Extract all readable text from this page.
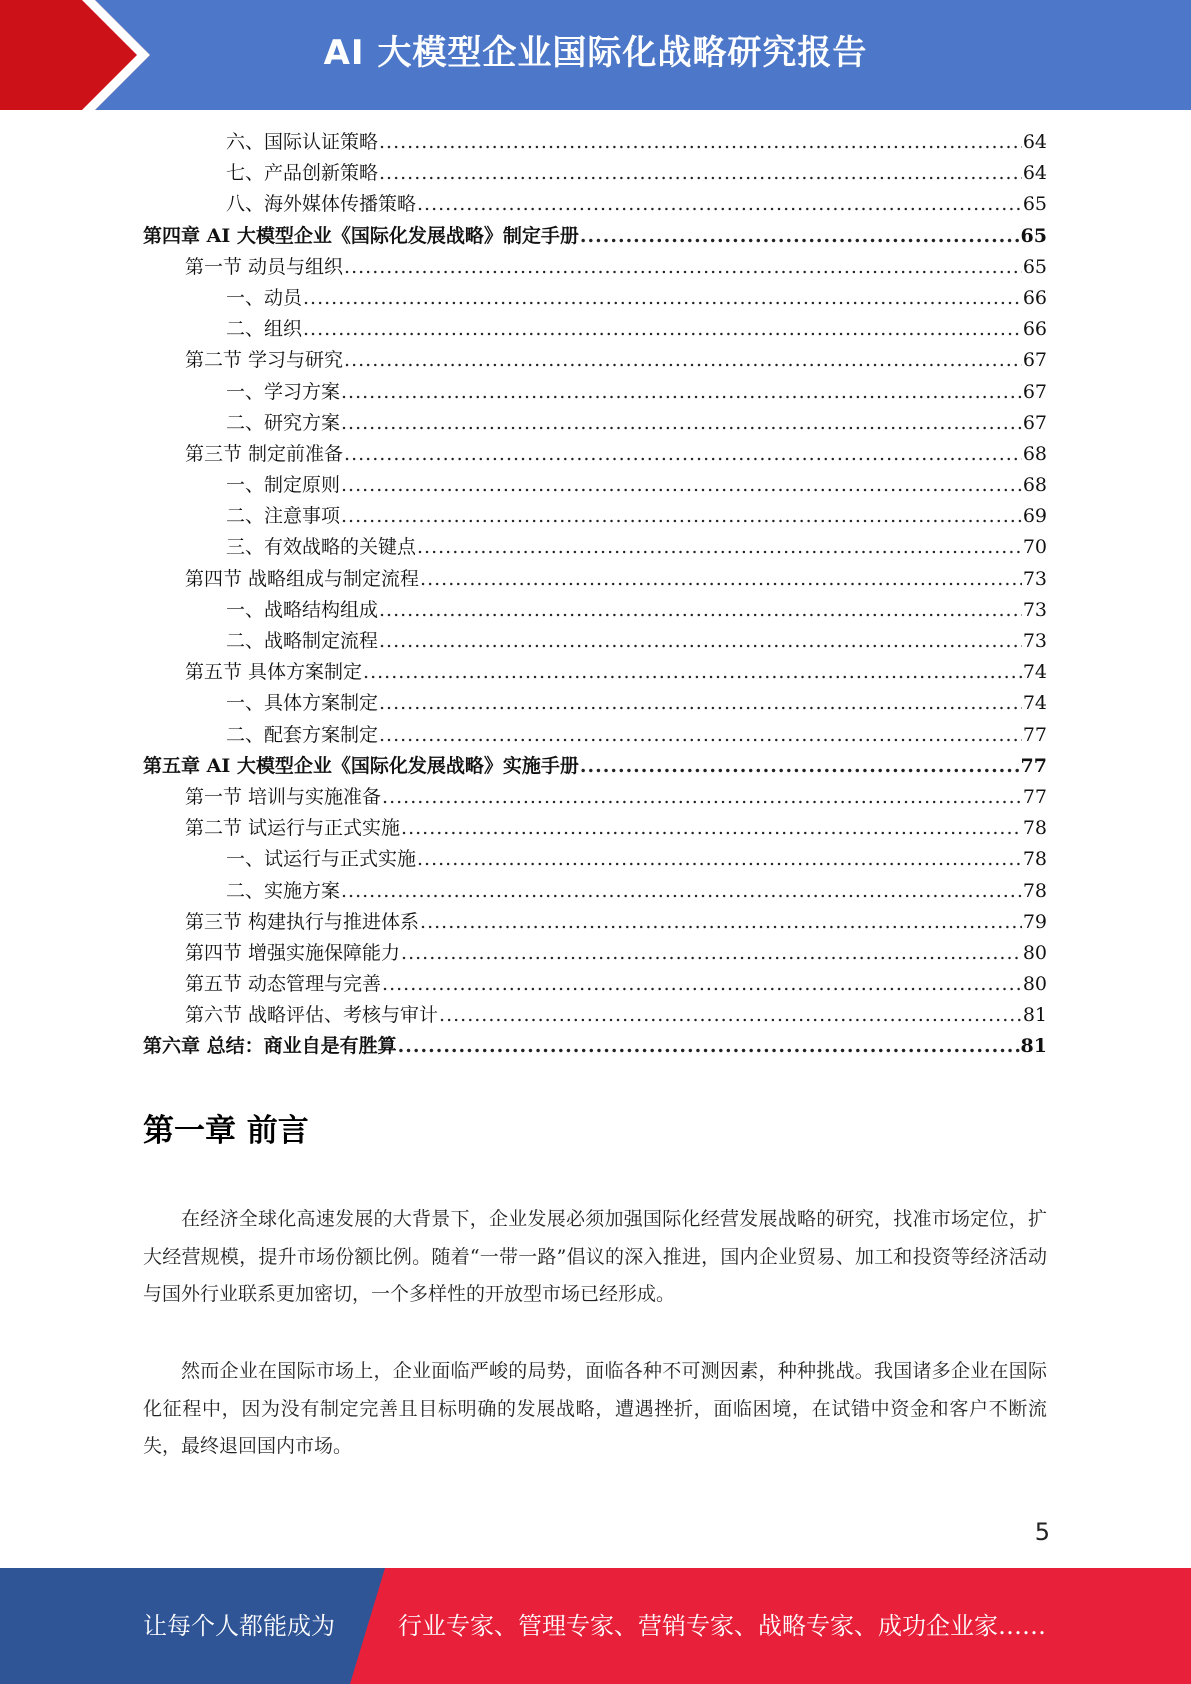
AI 大模型企业国际化战略研究报告
六、国际认证策略 .....	64
七、产品创新策略 .....	64
八、海外媒体传播策略 .....	65
第四章 AI 大模型企业《国际化发展战略》制定手册 .....	65
第一节 动员与组织 .....	65
一、动员 .....	66
二、组织 .....	66
第二节 学习与研究 .....	67
一、学习方案 .....	67
二、研究方案 .....	67
第三节 制定前准备 .....	68
一、制定原则 .....	68
二、注意事项 .....	69
三、有效战略的关键点 .....	70
第四节 战略组成与制定流程 .....	73
一、战略结构组成 .....	73
二、战略制定流程 .....	73
第五节 具体方案制定 .....	74
一、具体方案制定 .....	74
二、配套方案制定 .....	77
第五章 AI 大模型企业《国际化发展战略》实施手册 .....	77
第一节 培训与实施准备 .....	77
第二节 试运行与正式实施 .....	78
一、试运行与正式实施 .....	78
二、实施方案 .....	78
第三节 构建执行与推进体系 .....	79
第四节 增强实施保障能力 .....	80
第五节 动态管理与完善 .....	80
第六节 战略评估、考核与审计 .....	81
第六章 总结：商业自是有胜算 .....	81
第一章 前言

在经济全球化高速发展的大背景下，企业发展必须加强国际化经营发展战略的研究，找准市场定位，扩大经营规模，提升市场份额比例。随着“一带一路”倡议的深入推进，国内企业贸易、加工和投资等经济活动与国外行业联系更加密切，一个多样性的开放型市场已经形成。

然而企业在国际市场上，企业面临严峻的局势，面临各种不可测因素，种种挑战。我国诸多企业在国际化征程中，因为没有制定完善且目标明确的发展战略，遭遇挫折，面临困境，在试错中资金和客户不断流失，最终退回国内市场。

5
让每个人都能成为	行业专家、管理专家、营销专家、战略专家、成功企业家……
